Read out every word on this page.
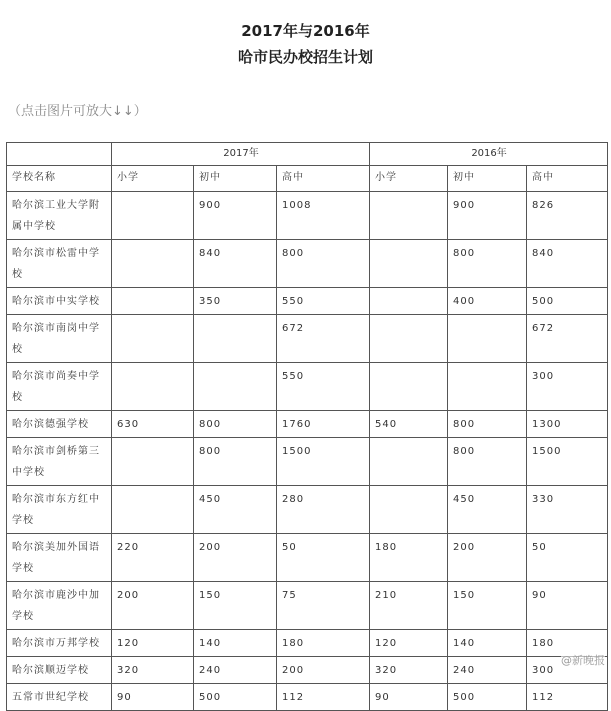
2017年与2016年
哈市民办校招生计划
（点击图片可放大↓↓）
	2017年			2016年		
学校名称	小学	初中	高中	小学	初中	高中
哈尔滨工业大学附属中学校		900	1008		900	826
哈尔滨市松雷中学校		840	800		800	840
哈尔滨市中实学校		350	550		400	500
哈尔滨市南岗中学校			672			672
哈尔滨市尚奏中学校			550			300
哈尔滨德强学校	630	800	1760	540	800	1300
哈尔滨市剑桥第三中学校		800	1500		800	1500
哈尔滨市东方红中学校		450	280		450	330
哈尔滨美加外国语学校	220	200	50	180	200	50
哈尔滨市鹿沙中加学校	200	150	75	210	150	90
哈尔滨市万邦学校	120	140	180	120	140	180
哈尔滨顺迈学校	320	240	200	320	240	300
五常市世纪学校	90	500	112	90	500	112
@新晚报
